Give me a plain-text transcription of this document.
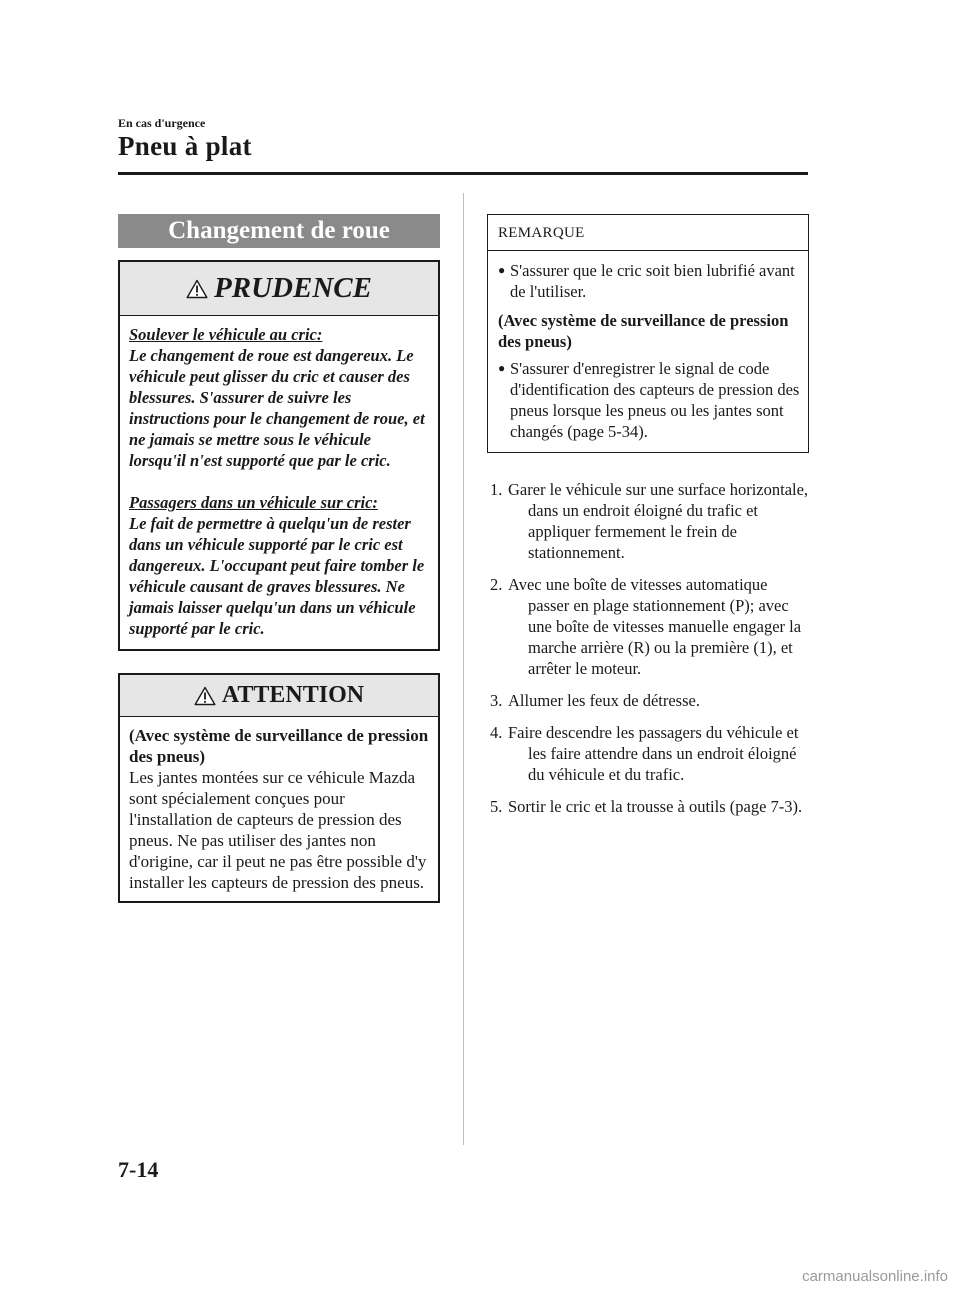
En cas d'urgence
Pneu à plat
Changement de roue
PRUDENCE
Soulever le véhicule au cric:
Le changement de roue est dangereux. Le véhicule peut glisser du cric et causer des blessures. S'assurer de suivre les instructions pour le changement de roue, et ne jamais se mettre sous le véhicule lorsqu'il n'est supporté que par le cric.
Passagers dans un véhicule sur cric:
Le fait de permettre à quelqu'un de rester dans un véhicule supporté par le cric est dangereux. L'occupant peut faire tomber le véhicule causant de graves blessures. Ne jamais laisser quelqu'un dans un véhicule supporté par le cric.
ATTENTION
(Avec système de surveillance de pression des pneus)
Les jantes montées sur ce véhicule Mazda sont spécialement conçues pour l'installation de capteurs de pression des pneus. Ne pas utiliser des jantes non d'origine, car il peut ne pas être possible d'y installer les capteurs de pression des pneus.
REMARQUE
● S'assurer que le cric soit bien lubrifié avant de l'utiliser.
(Avec système de surveillance de pression des pneus)
● S'assurer d'enregistrer le signal de code d'identification des capteurs de pression des pneus lorsque les pneus ou les jantes sont changés (page 5-34).
1. Garer le véhicule sur une surface horizontale, dans un endroit éloigné du trafic et appliquer fermement le frein de stationnement.
2. Avec une boîte de vitesses automatique passer en plage stationnement (P); avec une boîte de vitesses manuelle engager la marche arrière (R) ou la première (1), et arrêter le moteur.
3. Allumer les feux de détresse.
4. Faire descendre les passagers du véhicule et les faire attendre dans un endroit éloigné du véhicule et du trafic.
5. Sortir le cric et la trousse à outils (page 7-3).
7-14
carmanualsonline.info
